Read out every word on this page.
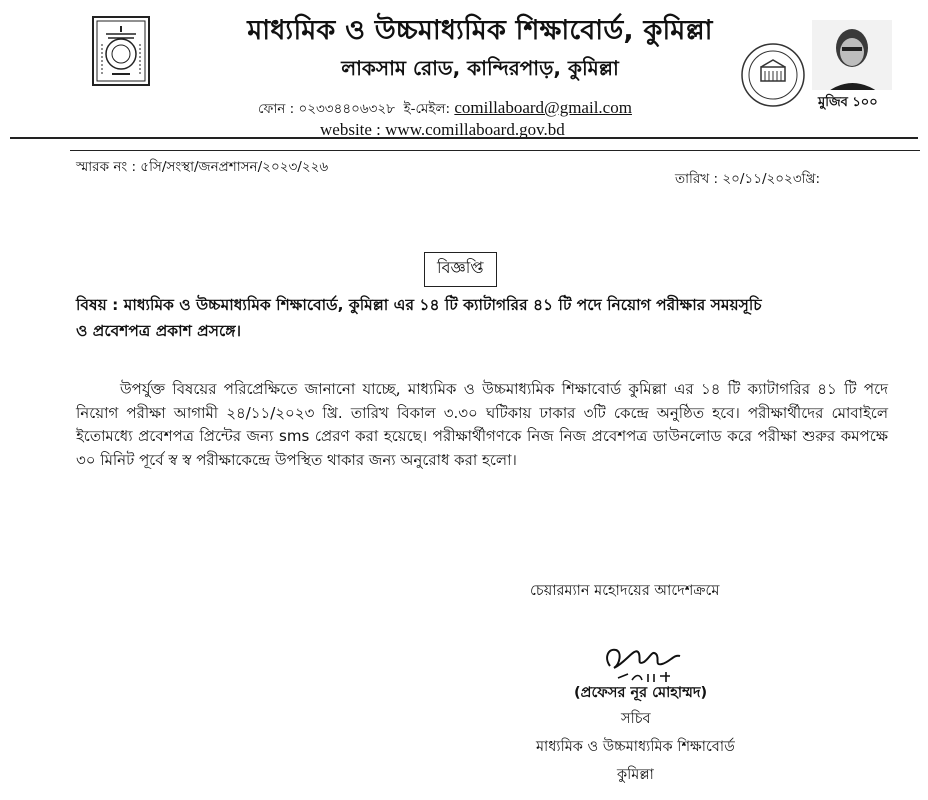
মাধ্যমিক ও উচ্চমাধ্যমিক শিক্ষাবোর্ড, কুমিল্লা
লাকসাম রোড, কান্দিরপাড়, কুমিল্লা
ফোন : ০২৩৩৪৪০৬৩২৮ ই-মেইল: comillaboard@gmail.com
website : www.comillaboard.gov.bd
মুজিব ১০০
স্মারক নং : ৫সি/সংস্থা/জনপ্রশাসন/২০২৩/২২৬
তারিখ : ২০/১১/২০২৩খ্রি:
বিজ্ঞপ্তি
বিষয় : মাধ্যমিক ও উচ্চমাধ্যমিক শিক্ষাবোর্ড, কুমিল্লা এর ১৪ টি ক্যাটাগরির ৪১ টি পদে নিয়োগ পরীক্ষার সময়সূচি
ও প্রবেশপত্র প্রকাশ প্রসঙ্গে।
উপর্যুক্ত বিষয়ের পরিপ্রেক্ষিতে জানানো যাচ্ছে, মাধ্যমিক ও উচ্চমাধ্যমিক শিক্ষাবোর্ড কুমিল্লা এর ১৪ টি ক্যাটাগরির ৪১ টি পদে নিয়োগ পরীক্ষা আগামী ২৪/১১/২০২৩ খ্রি. তারিখ বিকাল ৩.৩০ ঘটিকায় ঢাকার ৩টি কেন্দ্রে অনুষ্ঠিত হবে। পরীক্ষার্থীদের মোবাইলে ইতোমধ্যে প্রবেশপত্র প্রিন্টের জন্য sms প্রেরণ করা হয়েছে। পরীক্ষার্থীগণকে নিজ নিজ প্রবেশপত্র ডাউনলোড করে পরীক্ষা শুরুর কমপক্ষে ৩০ মিনিট পূর্বে স্ব স্ব পরীক্ষাকেন্দ্রে উপস্থিত থাকার জন্য অনুরোধ করা হলো।
চেয়ারম্যান মহোদয়ের আদেশক্রমে
(প্রফেসর নূর মোহাম্মদ)
সচিব
মাধ্যমিক ও উচ্চমাধ্যমিক শিক্ষাবোর্ড
কুমিল্লা
